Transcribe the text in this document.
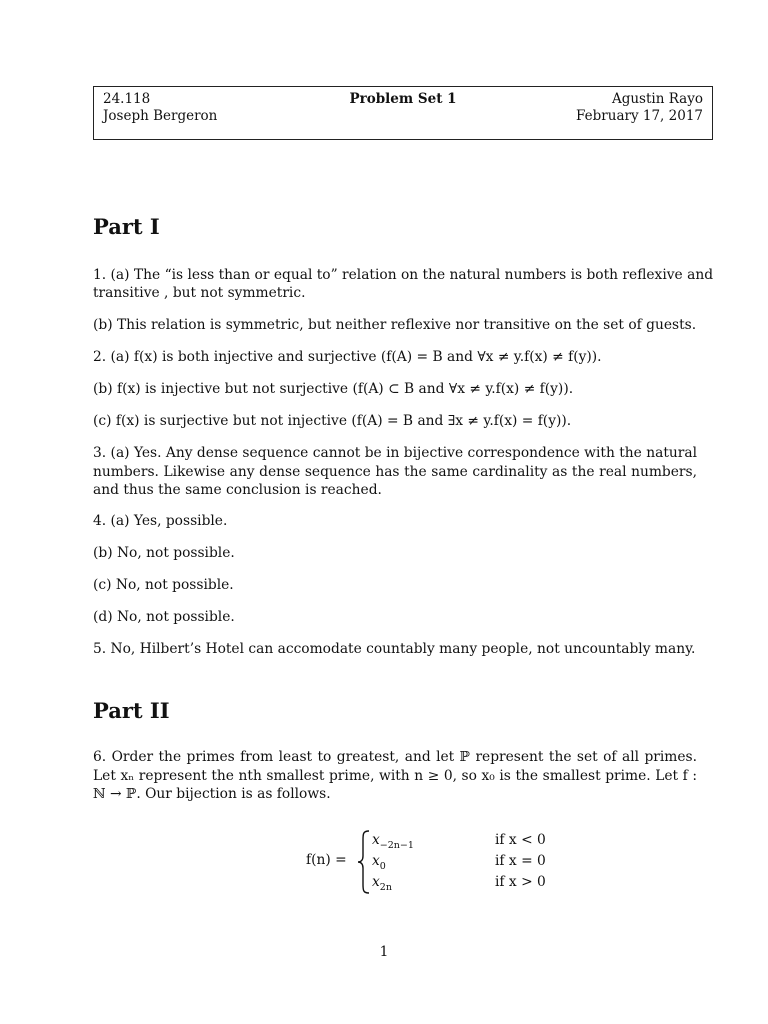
24.118
Joseph Bergeron
Problem Set 1	Agustin Rayo
February 17, 2017
Part I

1. (a) The “is less than or equal to” relation on the natural numbers is both reflexive and

transitive , but not symmetric.

(b) This relation is symmetric, but neither reflexive nor transitive on the set of guests.

2. (a) f(x) is both injective and surjective (f(A) = B and ∀x ≠ y.f(x) ≠ f(y)).

(b) f(x) is injective but not surjective (f(A) ⊂ B and ∀x ≠ y.f(x) ≠ f(y)).

(c) f(x) is surjective but not injective (f(A) = B and ∃x ≠ y.f(x) = f(y)).

3. (a) Yes. Any dense sequence cannot be in bijective correspondence with the natural numbers. Likewise any dense sequence has the same cardinality as the real numbers, and thus the same conclusion is reached.

4. (a) Yes, possible.

(b) No, not possible.

(c) No, not possible.

(d) No, not possible.

5. No, Hilbert’s Hotel can accomodate countably many people, not uncountably many.

Part II

6. Order the primes from least to greatest, and let ℙ represent the set of all primes. Let xₙ represent the nth smallest prime, with n ≥ 0, so x₀ is the smallest prime. Let f : ℕ → ℙ. Our bijection is as follows.

f(n) =
$x_{-2n-1}$	if x < 0
$x_0$	if x = 0
$x_{2n}$	if x > 0
1
